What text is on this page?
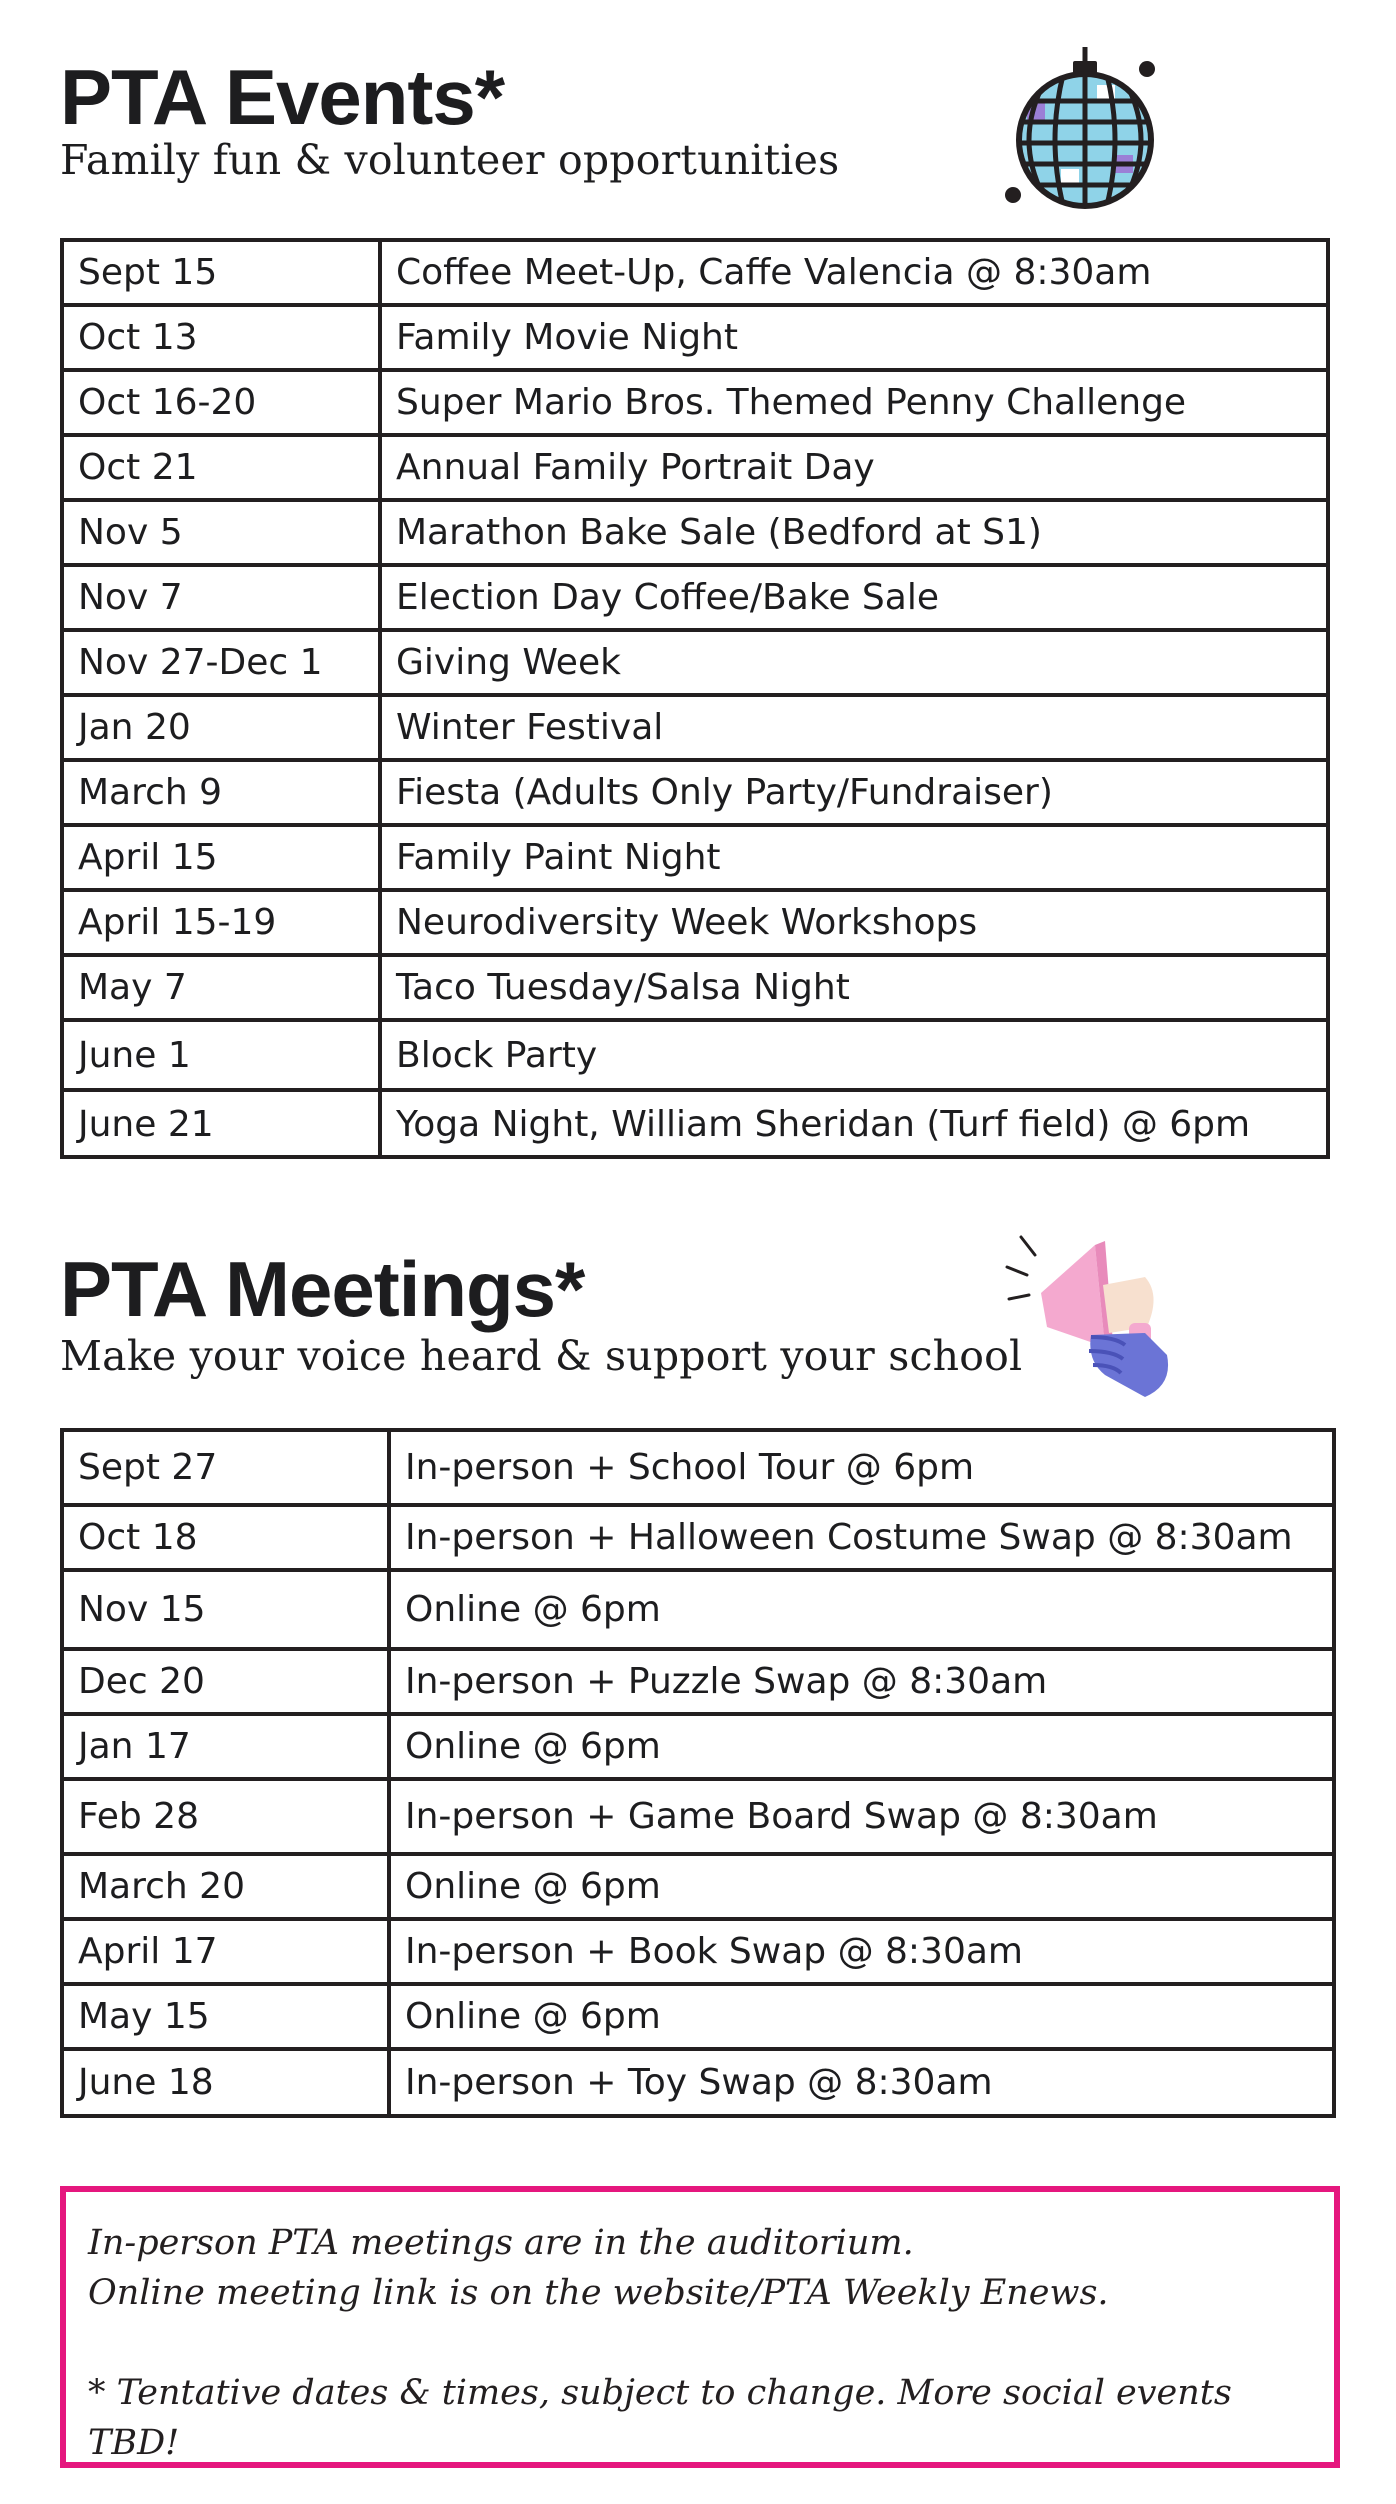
PTA Events*

Family fun & volunteer opportunities

Sept 15	Coffee Meet-Up, Caffe Valencia @ 8:30am
Oct 13	Family Movie Night
Oct 16-20	Super Mario Bros. Themed Penny Challenge
Oct 21	Annual Family Portrait Day
Nov 5	Marathon Bake Sale (Bedford at S1)
Nov 7	Election Day Coffee/Bake Sale
Nov 27-Dec 1	Giving Week
Jan 20	Winter Festival
March 9	Fiesta (Adults Only Party/Fundraiser)
April 15	Family Paint Night
April 15-19	Neurodiversity Week Workshops
May 7	Taco Tuesday/Salsa Night
June 1	Block Party
June 21	Yoga Night, William Sheridan (Turf field) @ 6pm
PTA Meetings*

Make your voice heard & support your school

Sept 27	In-person + School Tour @ 6pm
Oct 18	In-person + Halloween Costume Swap @ 8:30am
Nov 15	Online @ 6pm
Dec 20	In-person + Puzzle Swap @ 8:30am
Jan 17	Online @ 6pm
Feb 28	In-person + Game Board Swap @ 8:30am
March 20	Online @ 6pm
April 17	In-person + Book Swap @ 8:30am
May 15	Online @ 6pm
June 18	In-person + Toy Swap @ 8:30am

In-person PTA meetings are in the auditorium.

Online meeting link is on the website/PTA Weekly Enews.

* Tentative dates & times, subject to change. More social events TBD!
